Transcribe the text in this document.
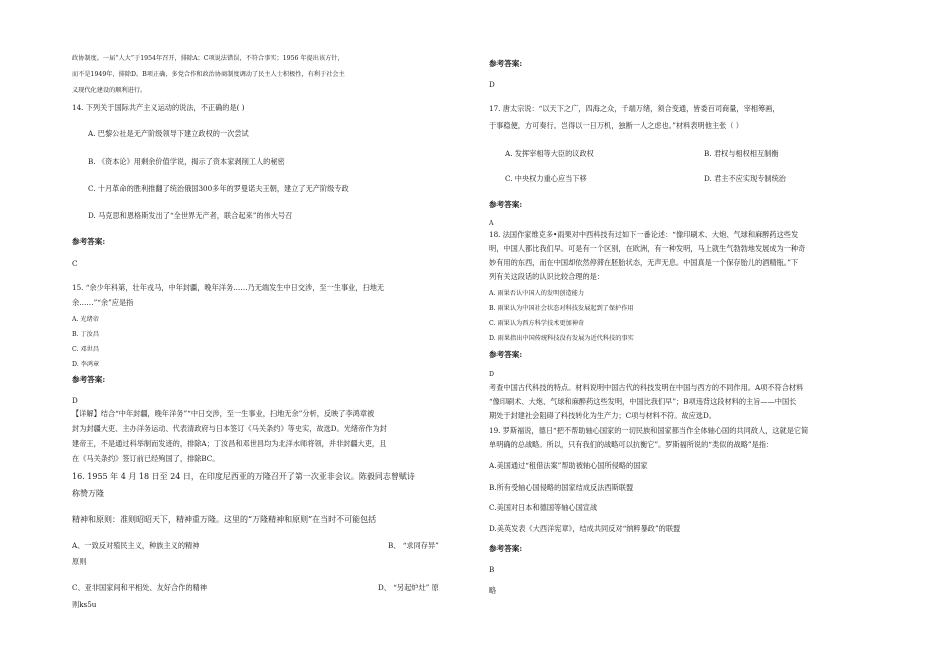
政协制度。一届“人大”于1954年召开，排除A；C项说法错误，不符合事实；1956 年提出该方针，
而不是1949年，排除D。B项正确，多党合作和政治协商制度调动了民主人士积极性，有利于社会主
义现代化建设的顺利进行。
14. 下列关于国际共产主义运动的说法，不正确的是( )
A. 巴黎公社是无产阶级领导下建立政权的一次尝试
B. 《资本论》用剩余价值学说，揭示了资本家剥削工人的秘密
C. 十月革命的胜利推翻了统治俄国300多年的罗曼诺夫王朝，建立了无产阶级专政
D. 马克思和恩格斯发出了“全世界无产者，联合起来”的伟大号召
参考答案:
C
15. “余少年科第，壮年戎马，中年封疆，晚年洋务……乃无端发生中日交涉，至一生事业，扫地无
余……”“余”应是指
A. 光绪帝
B. 丁汝昌
C. 邓世昌
D. 李鸿章
参考答案:
D
【详解】结合“中年封疆，晚年洋务”“中日交涉，至一生事业，扫地无余”分析，反映了李鸿章被
封为封疆大吏、主办洋务运动、代表清政府与日本签订《马关条约》等史实，故选D。光绪帝作为封
建帝王，不是通过科举制而发迹的，排除A；丁汝昌和邓世昌均为北洋水师将领，并非封疆大吏，且
在《马关条约》签订前已经殉国了，排除BC。
16. 1955 年 4 月 18 日至 24 日，在印度尼西亚的万隆召开了第一次亚非会议。陈毅同志曾赋诗
称赞万隆
精神和原则：准则昭昭天下，精神重万隆。这里的“万隆精神和原则”在当时不可能包括
A、一致反对殖民主义，种族主义的精神	B、 “求同存异”
原则
C、亚非国家间和平相处、友好合作的精神	D、 “另起炉灶” 原
则ks5u
参考答案:
D
17. 唐太宗说：“以天下之广，四海之众，千端万绪，须合变通，皆委百司商量，宰相筹画，
于事稳便，方可奏行。岂得以一日万机，独断一人之虑也。”材料表明他主张（ ）
A. 发挥宰相等大臣的议政权	B. 君权与相权相互制衡
C. 中央权力重心应当下移	D. 君主不应实现专制统治
参考答案:
A
18. 法国作家维克多•雨果对中西科技有过如下一番论述：“像印刷术、大炮、气球和麻醉药这些发
明，中国人都比我们早。可是有一个区别，在欧洲，有一种发明，马上就生气勃勃地发展成为一种奇
妙有用的东西，而在中国却依然停滞在胚胎状态，无声无息。中国真是一个保存胎儿的酒精瓶。”下
列有关这段话的认识比较合理的是：
A. 雨果否认中国人的发明创造能力
B. 雨果认为中国社会状态对科技发展起到了保护作用
C. 雨果认为西方科学技术更加神奇
D. 雨果指出中国传统科技没有发展为近代科技的事实
参考答案:
D
考查中国古代科技的特点。材料说明中国古代的科技发明在中国与西方的不同作用。A项不符合材料
“像印刷术、大炮、气球和麻醉药这些发明，中国比我们早”；B项违背这段材料的主旨——中国长
期处于封建社会阻碍了科技转化为生产力；C项与材料不符。故应选D。
19. 罗斯福说，德日“把不帮助轴心国家的一切民族和国家都当作全体轴心国的共同敌人，这就是它简
单明确的总战略。所以，只有我们的战略可以抗衡它”。罗斯福所说的“类似的战略”是指：
A.美国通过“租借法案”帮助被轴心国所侵略的国家
B.所有受轴心国侵略的国家结成反法西斯联盟
C.美国对日本和德国等轴心国宣战
D.美英发表《大西洋宪章》，结成共同反对“纳粹暴政”的联盟
参考答案:
B
略
